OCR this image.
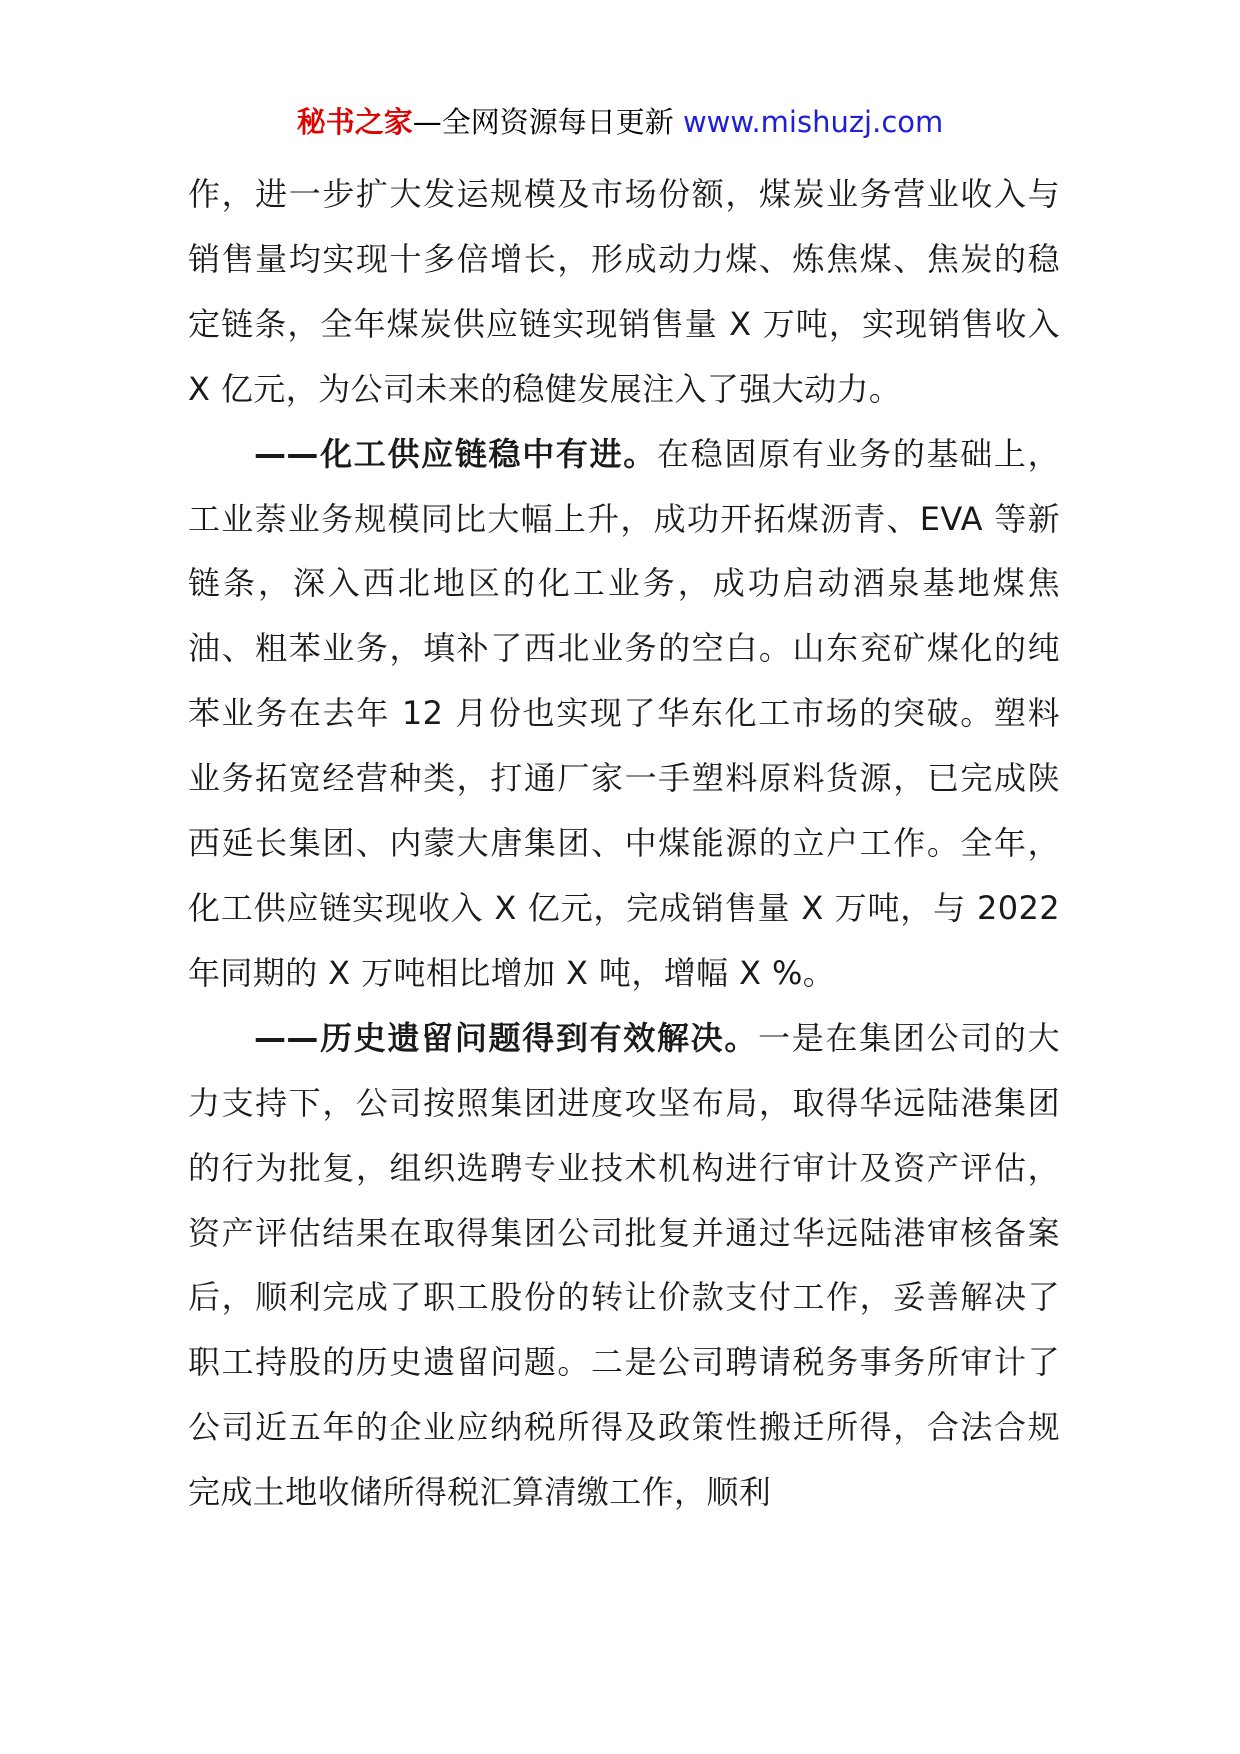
秘书之家—全网资源每日更新 www.mishuzj.com

作，进一步扩大发运规模及市场份额，煤炭业务营业收入与销售量均实现十多倍增长，形成动力煤、炼焦煤、焦炭的稳定链条，全年煤炭供应链实现销售量 X 万吨，实现销售收入 X 亿元，为公司未来的稳健发展注入了强大动力。

——化工供应链稳中有进。在稳固原有业务的基础上，工业萘业务规模同比大幅上升，成功开拓煤沥青、EVA 等新链条，深入西北地区的化工业务，成功启动酒泉基地煤焦油、粗苯业务，填补了西北业务的空白。山东兖矿煤化的纯苯业务在去年 12 月份也实现了华东化工市场的突破。塑料业务拓宽经营种类，打通厂家一手塑料原料货源，已完成陕西延长集团、内蒙大唐集团、中煤能源的立户工作。全年，化工供应链实现收入 X 亿元，完成销售量 X 万吨，与 2022 年同期的 X 万吨相比增加 X 吨，增幅 X %。

——历史遗留问题得到有效解决。一是在集团公司的大力支持下，公司按照集团进度攻坚布局，取得华远陆港集团的行为批复，组织选聘专业技术机构进行审计及资产评估，资产评估结果在取得集团公司批复并通过华远陆港审核备案后，顺利完成了职工股份的转让价款支付工作，妥善解决了职工持股的历史遗留问题。二是公司聘请税务事务所审计了公司近五年的企业应纳税所得及政策性搬迁所得，合法合规完成土地收储所得税汇算清缴工作，顺利
